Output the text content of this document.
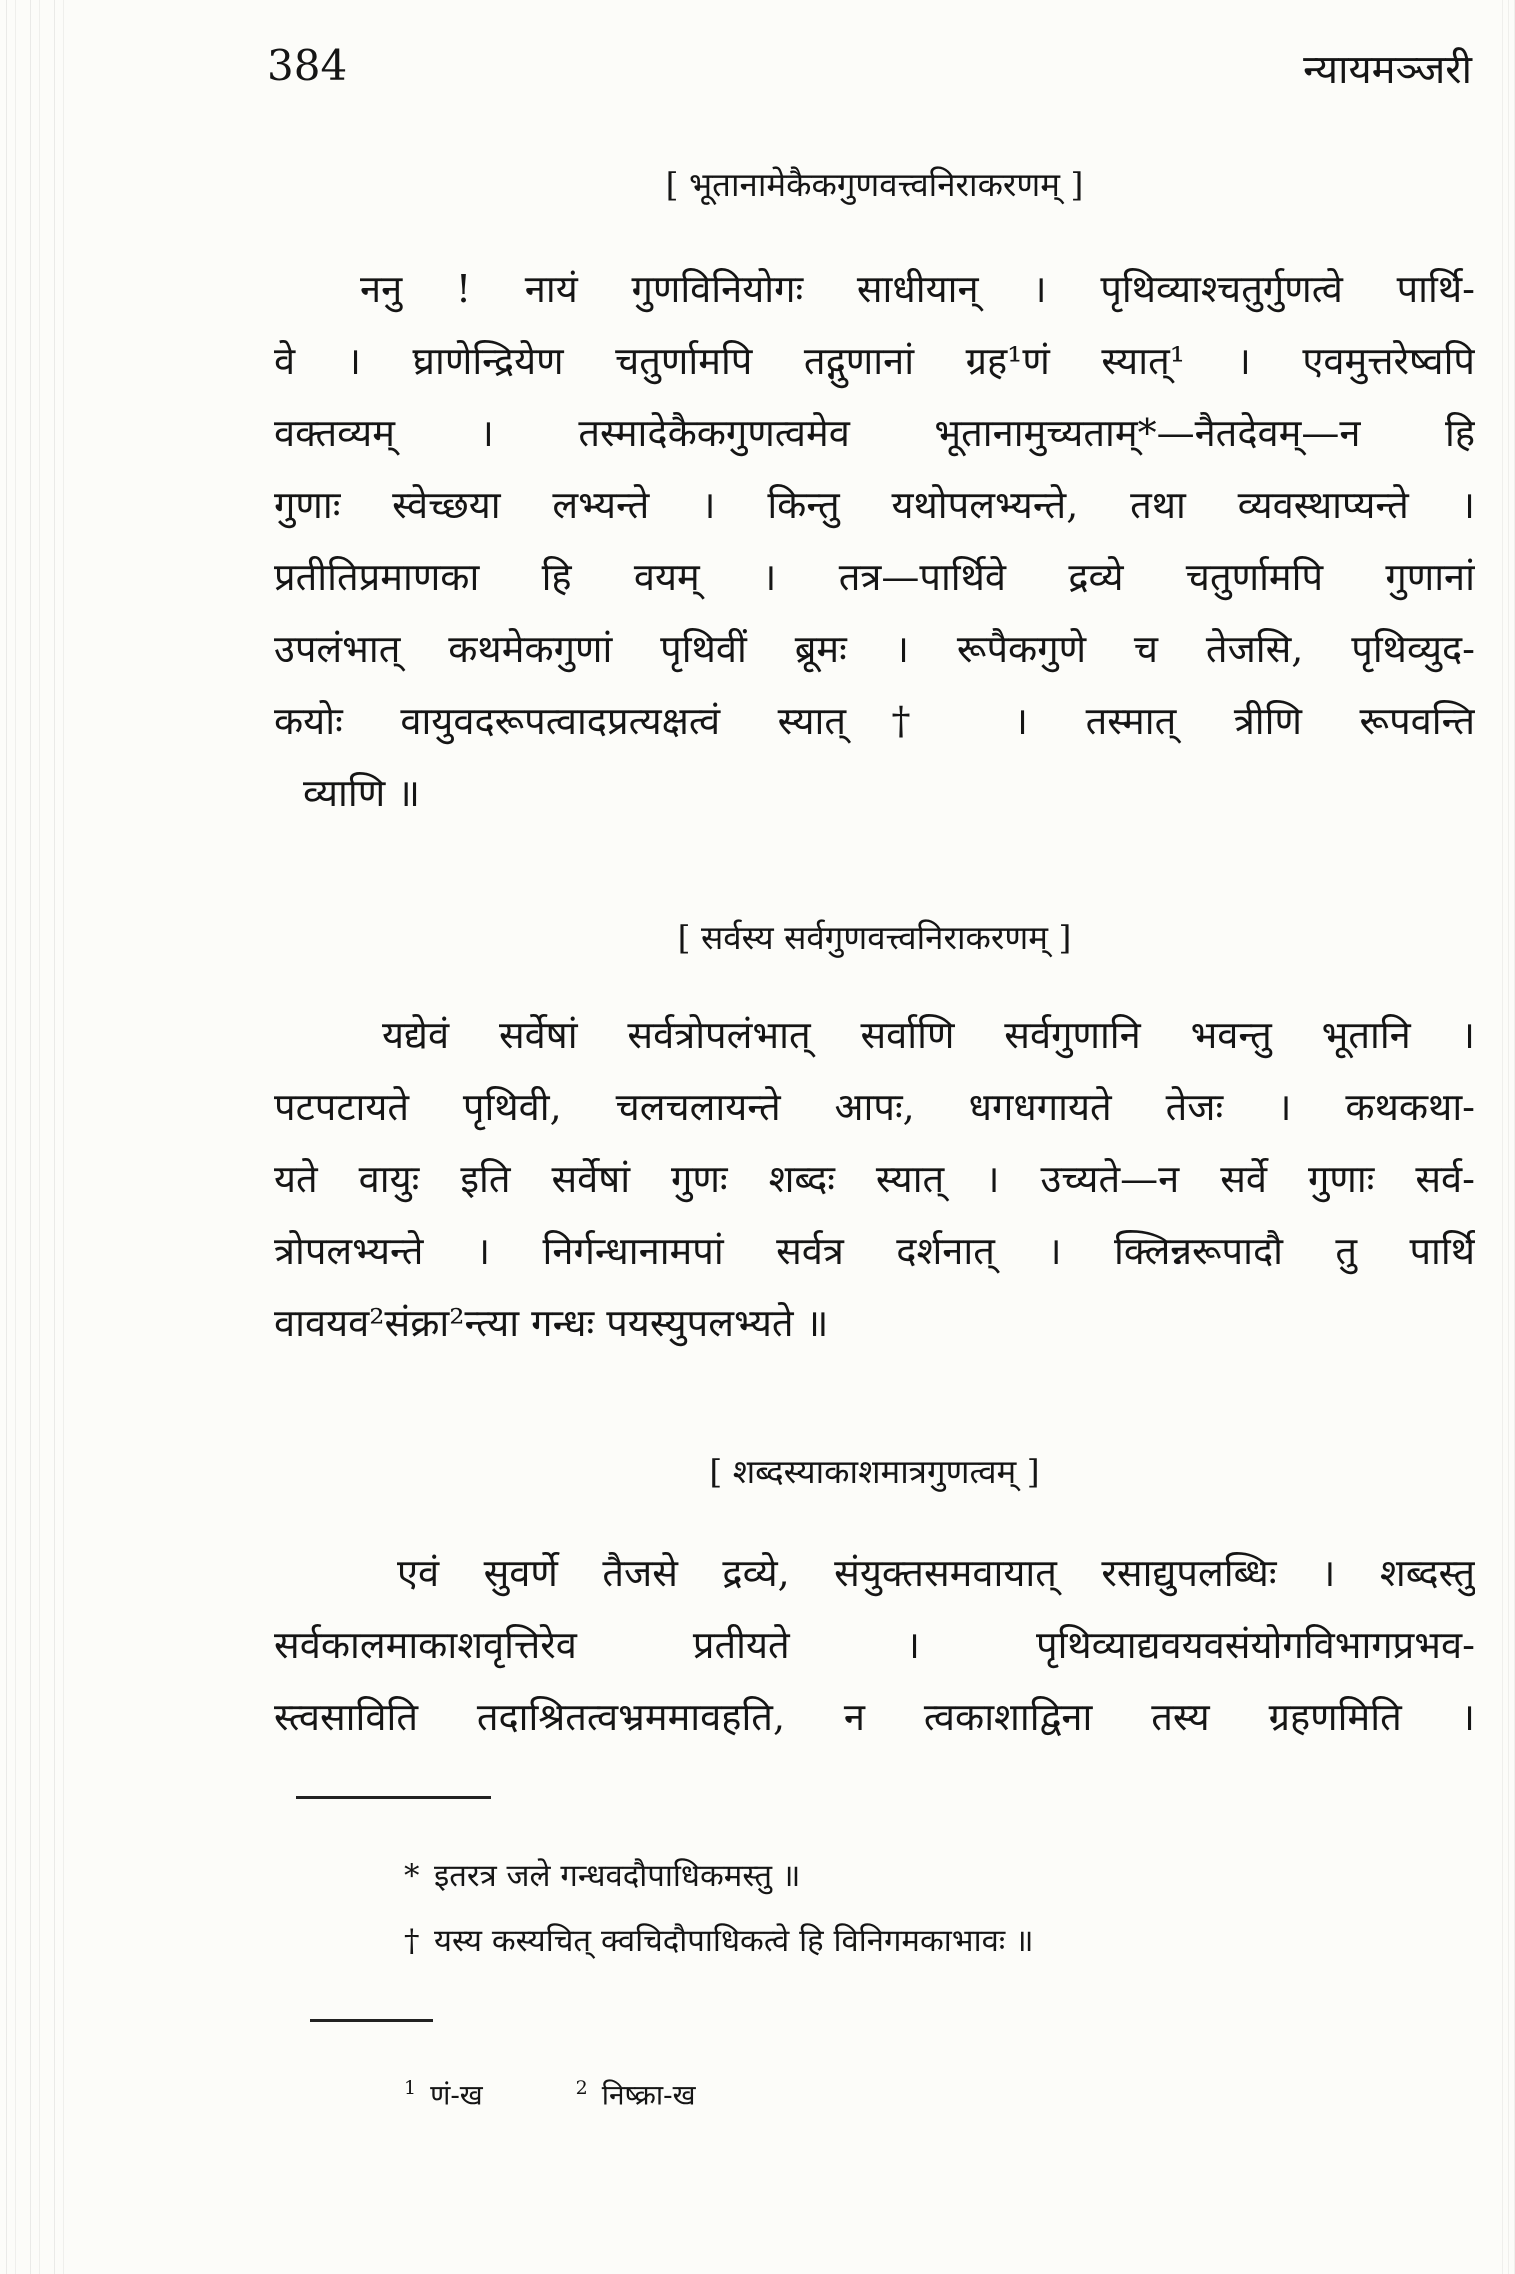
384	न्यायमञ्जरी
[ भूतानामेकैकगुणवत्त्वनिराकरणम् ]
ननु ! नायं गुणविनियोगः साधीयान् । पृथिव्याश्चतुर्गुणत्वे पार्थि-
वे । घ्राणेन्द्रियेण चतुर्णामपि तद्गुणानां ग्रह¹णं स्यात्¹ । एवमुत्तरेष्वपि
वक्तव्यम् । तस्मादेकैकगुणत्वमेव भूतानामुच्यताम्*—नैतदेवम्—न हि
गुणाः स्वेच्छया लभ्यन्ते । किन्तु यथोपलभ्यन्ते, तथा व्यवस्थाप्यन्ते ।
प्रतीतिप्रमाणका हि वयम् । तत्र—पार्थिवे द्रव्ये चतुर्णामपि गुणानां
उपलंभात् कथमेकगुणां पृथिवीं ब्रूमः । रूपैकगुणे च तेजसि, पृथिव्युद-
कयोः वायुवदरूपत्वादप्रत्यक्षत्वं स्यात्† । तस्मात् त्रीणि रूपवन्ति
व्याणि ॥
[ सर्वस्य सर्वगुणवत्त्वनिराकरणम् ]
यद्येवं सर्वेषां सर्वत्रोपलंभात् सर्वाणि सर्वगुणानि भवन्तु भूतानि ।
पटपटायते पृथिवी, चलचलायन्ते आपः, धगधगायते तेजः । कथकथा-
यते वायुः इति सर्वेषां गुणः शब्दः स्यात् । उच्यते—न सर्वे गुणाः सर्व-
त्रोपलभ्यन्ते । निर्गन्धानामपां सर्वत्र दर्शनात् । क्लिन्नरूपादौ तु पार्थि
वावयव²संक्रा²न्त्या गन्धः पयस्युपलभ्यते ॥
[ शब्दस्याकाशमात्रगुणत्वम् ]
एवं सुवर्णे तैजसे द्रव्ये, संयुक्तसमवायात् रसाद्युपलब्धिः । शब्दस्तु
सर्वकालमाकाशवृत्तिरेव प्रतीयते । पृथिव्याद्यवयवसंयोगविभागप्रभव-
स्त्वसाविति तदाश्रितत्वभ्रममावहति, न त्वकाशाद्विना तस्य ग्रहणमिति ।
* इतरत्र जले गन्धवदौपाधिकमस्तु ॥
† यस्य कस्यचित् क्वचिदौपाधिकत्वे हि विनिगमकाभावः ॥
$^1$ णं-ख	$^2$ निष्क्रा-ख
